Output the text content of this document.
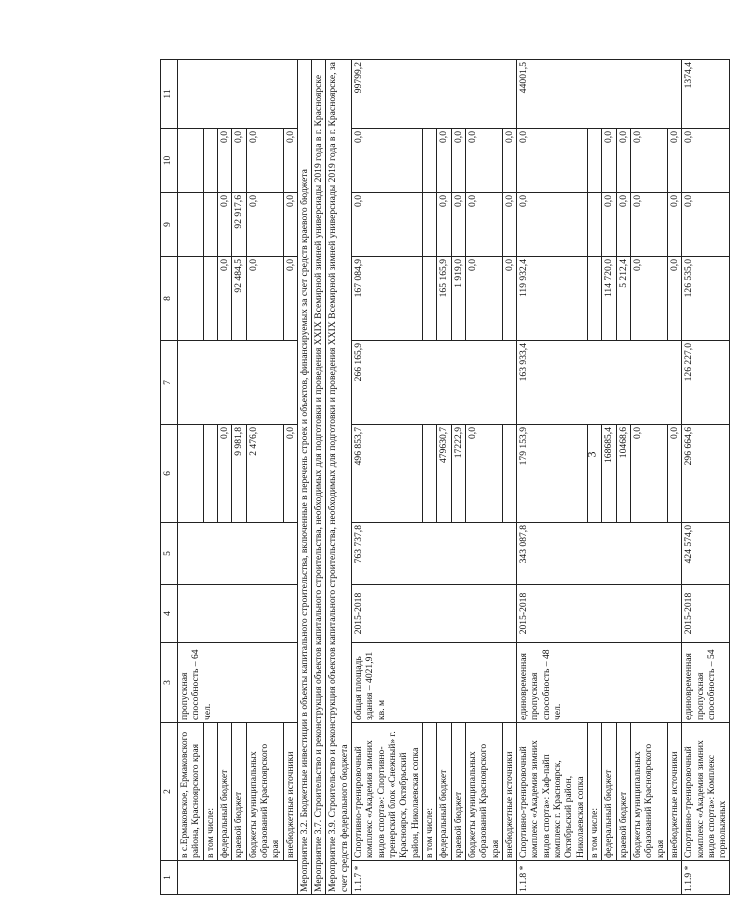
3
1	2	3	4	5	6	7	8	9	10	11
	в с.Ермаковское, Ермаковского района, Красноярского края	пропускная способность – 64 чел.								
	в том числе:									
	федеральный бюджет				0,0		0,0	0,0	0,0	
	краевой бюджет				9 981,8		92 484,5	92 917,6	0,0	
	бюджеты муниципальных образований Красноярского края				2 476,0		0,0	0,0	0,0	
	внебюджетные источники				0,0		0,0	0,0	0,0	
Мероприятие 3.2. Бюджетные инвестиции в объекты капитального строительства, включенные в перечень строек и объектов, финансируемых за счет средств краевого бюджета										
Мероприятие 3.7. Строительство и реконструкция объектов капитального строительства, необходимых для подготовки и проведения XXIX Всемирной зимней универсиады 2019 года в г. Красноярске										
Мероприятие 3.9. Строительство и реконструкция объектов капитального строительства, необходимых для подготовки и проведения XXIX Всемирной зимней универсиады 2019 года в г. Красноярске, за счет средств федерального бюджета										
1.1.7 *	Спортивно-тренировочный комплекс «Академия зимних видов спорта»: Спортивно-тренерский блок «Снежный» г. Красноярск, Октябрьский район, Николаевская сопка	общая площадь здания – 4021,91 кв. м	2015-2018	763 737,8	496 853,7	266 165,9	167 084,9	0,0	0,0	99799,2
	в том числе:									
	федеральный бюджет				479630,7		165 165,9	0,0	0,0	
	краевой бюджет				17222,9		1 919,0	0,0	0,0	
	бюджеты муниципальных образований Красноярского края				0,0		0,0	0,0	0,0	
	внебюджетные источники						0,0	0,0	0,0	
1.1.8 *	Спортивно-тренировочный комплекс «Академия зимних видов спорта»: Хаф-пайп комплекс г. Красноярск, Октябрьский район, Николаевская сопка	единовременная пропускная способность – 48 чел.	2015-2018	343 087,8	179 153,9	163 933,4	119 932,4	0,0	0,0	44001,5
	в том числе:									
	федеральный бюджет				168685,4		114 720,0	0,0	0,0	
	краевой бюджет				10468,6		5 212,4	0,0	0,0	
	бюджеты муниципальных образований Красноярского края				0,0		0,0	0,0	0,0	
	внебюджетные источники				0,0		0,0	0,0	0,0	
1.1.9 *	Спортивно-тренировочный комплекс «Академия зимних видов спорта»: Комплекс горнолыжных	единовременная пропускная способность – 54	2015-2018	424 574,0	296 664,6	126 227,0	126 535,0	0,0	0,0	1374,4
